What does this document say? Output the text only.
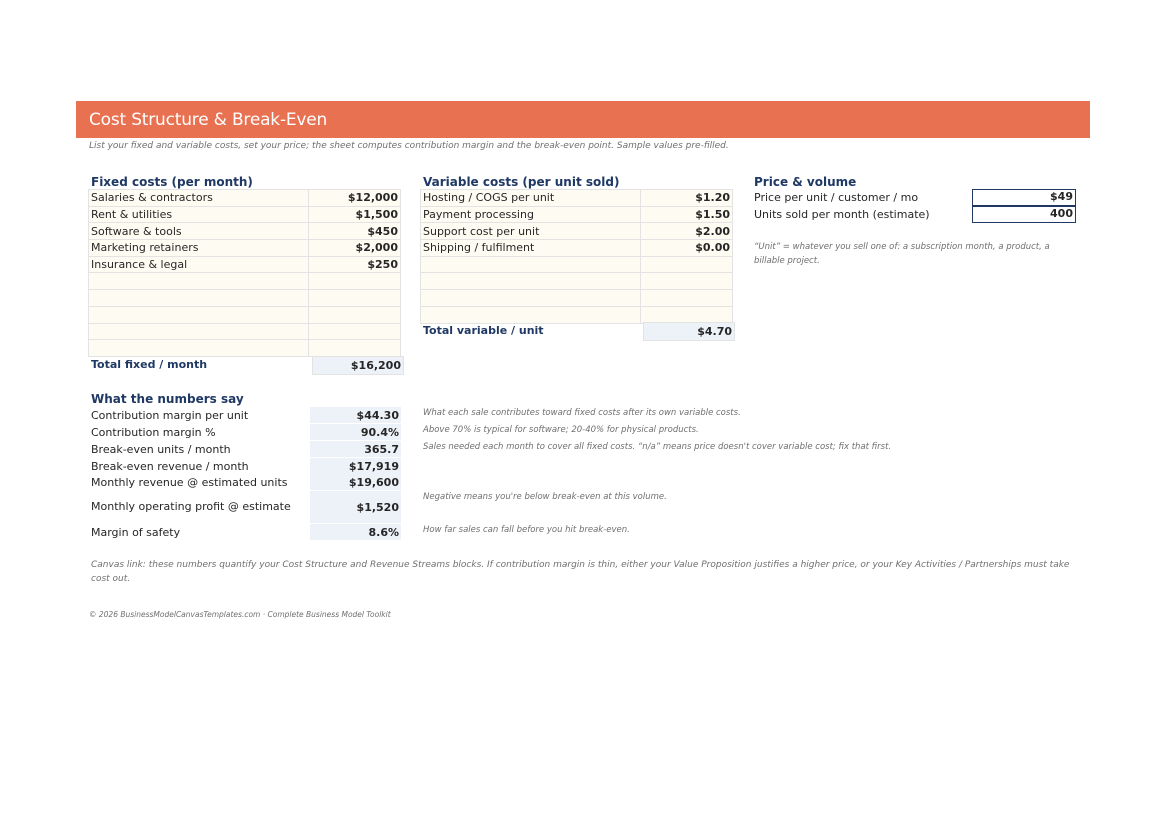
Cost Structure & Break-Even
List your fixed and variable costs, set your price; the sheet computes contribution margin and the break-even point. Sample values pre-filled.
Fixed costs (per month)
Salaries & contractors	$12,000
Rent & utilities	$1,500
Software & tools	$450
Marketing retainers	$2,000
Insurance & legal	$250

Total fixed / month	$16,200
Variable costs (per unit sold)
Hosting / COGS per unit	$1.20
Payment processing	$1.50
Support cost per unit	$2.00
Shipping / fulfilment	$0.00

Total variable / unit	$4.70
Price & volume
Price per unit / customer / mo	$49
Units sold per month (estimate)	400
“Unit” = whatever you sell one of: a subscription month, a product, a billable project.
What the numbers say
Contribution margin per unit	$44.30
Contribution margin %	90.4%
Break-even units / month	365.7
Break-even revenue / month	$17,919
Monthly revenue @ estimated units	$19,600
Monthly operating profit @ estimate	$1,520
Margin of safety	8.6%
What each sale contributes toward fixed costs after its own variable costs.
Above 70% is typical for software; 20-40% for physical products.
Sales needed each month to cover all fixed costs. “n/a” means price doesn't cover variable cost; fix that first.
Negative means you're below break-even at this volume.
How far sales can fall before you hit break-even.
Canvas link: these numbers quantify your Cost Structure and Revenue Streams blocks. If contribution margin is thin, either your Value Proposition justifies a higher price, or your Key Activities / Partnerships must take cost out.
© 2026 BusinessModelCanvasTemplates.com · Complete Business Model Toolkit
